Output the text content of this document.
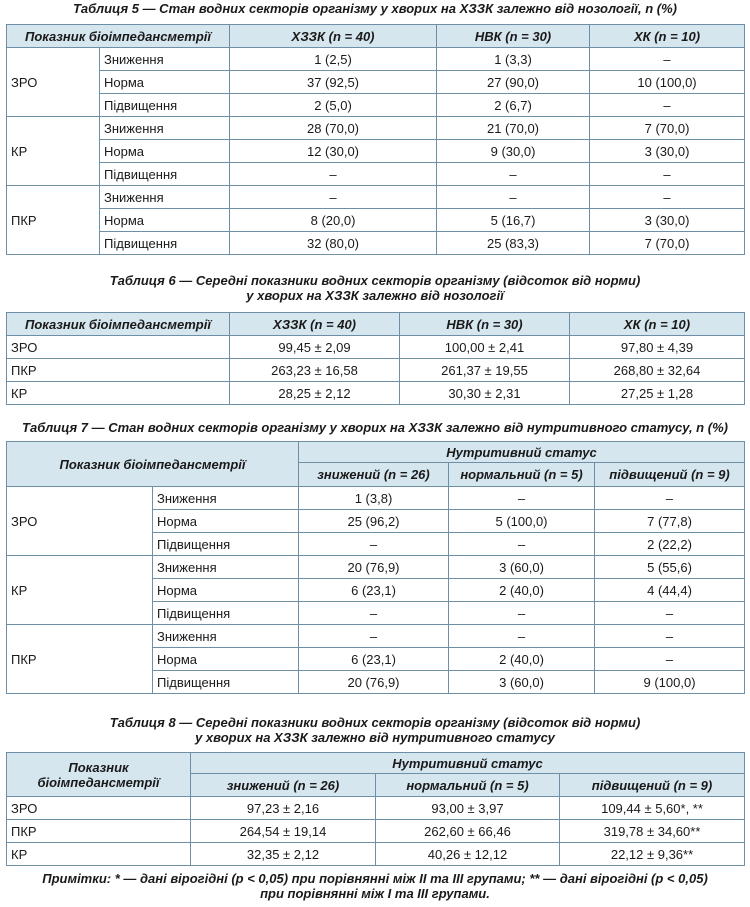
Таблиця 5 — Стан водних секторів організму у хворих на ХЗЗК залежно від нозології, n (%)
Показник біоімпедансметрії		ХЗЗК (n = 40)	НВК (n = 30)	ХК (n = 10)
ЗРО	Зниження	1 (2,5)	1 (3,3)	–
	Норма	37 (92,5)	27 (90,0)	10 (100,0)
	Підвищення	2 (5,0)	2 (6,7)	–
КР	Зниження	28 (70,0)	21 (70,0)	7 (70,0)
	Норма	12 (30,0)	9 (30,0)	3 (30,0)
	Підвищення	–	–	–
ПКР	Зниження	–	–	–
	Норма	8 (20,0)	5 (16,7)	3 (30,0)
	Підвищення	32 (80,0)	25 (83,3)	7 (70,0)
Таблиця 6 — Середні показники водних секторів організму (відсоток від норми)
у хворих на ХЗЗК залежно від нозології
Показник біоімпедансметрії	ХЗЗК (n = 40)	НВК (n = 30)	ХК (n = 10)
ЗРО	99,45 ± 2,09	100,00 ± 2,41	97,80 ± 4,39
ПКР	263,23 ± 16,58	261,37 ± 19,55	268,80 ± 32,64
КР	28,25 ± 2,12	30,30 ± 2,31	27,25 ± 1,28
Таблиця 7 — Стан водних секторів організму у хворих на ХЗЗК залежно від нутритивного статусу, n (%)
Показник біоімпедансметрії		Нутритивний статус		
		знижений (n = 26)	нормальний (n = 5)	підвищений (n = 9)
ЗРО	Зниження	1 (3,8)	–	–
	Норма	25 (96,2)	5 (100,0)	7 (77,8)
	Підвищення	–	–	2 (22,2)
КР	Зниження	20 (76,9)	3 (60,0)	5 (55,6)
	Норма	6 (23,1)	2 (40,0)	4 (44,4)
	Підвищення	–	–	–
ПКР	Зниження	–	–	–
	Норма	6 (23,1)	2 (40,0)	–
	Підвищення	20 (76,9)	3 (60,0)	9 (100,0)
Таблиця 8 — Середні показники водних секторів організму (відсоток від норми)
у хворих на ХЗЗК залежно від нутритивного статусу
Показник
біоімпедансметрії	Нутритивний статус		
	знижений (n = 26)	нормальний (n = 5)	підвищений (n = 9)
ЗРО	97,23 ± 2,16	93,00 ± 3,97	109,44 ± 5,60*, **
ПКР	264,54 ± 19,14	262,60 ± 66,46	319,78 ± 34,60**
КР	32,35 ± 2,12	40,26 ± 12,12	22,12 ± 9,36**
Примітки: * — дані вірогідні (р < 0,05) при порівнянні між II та III групами; ** — дані вірогідні (р < 0,05)
при порівнянні між I та III групами.
